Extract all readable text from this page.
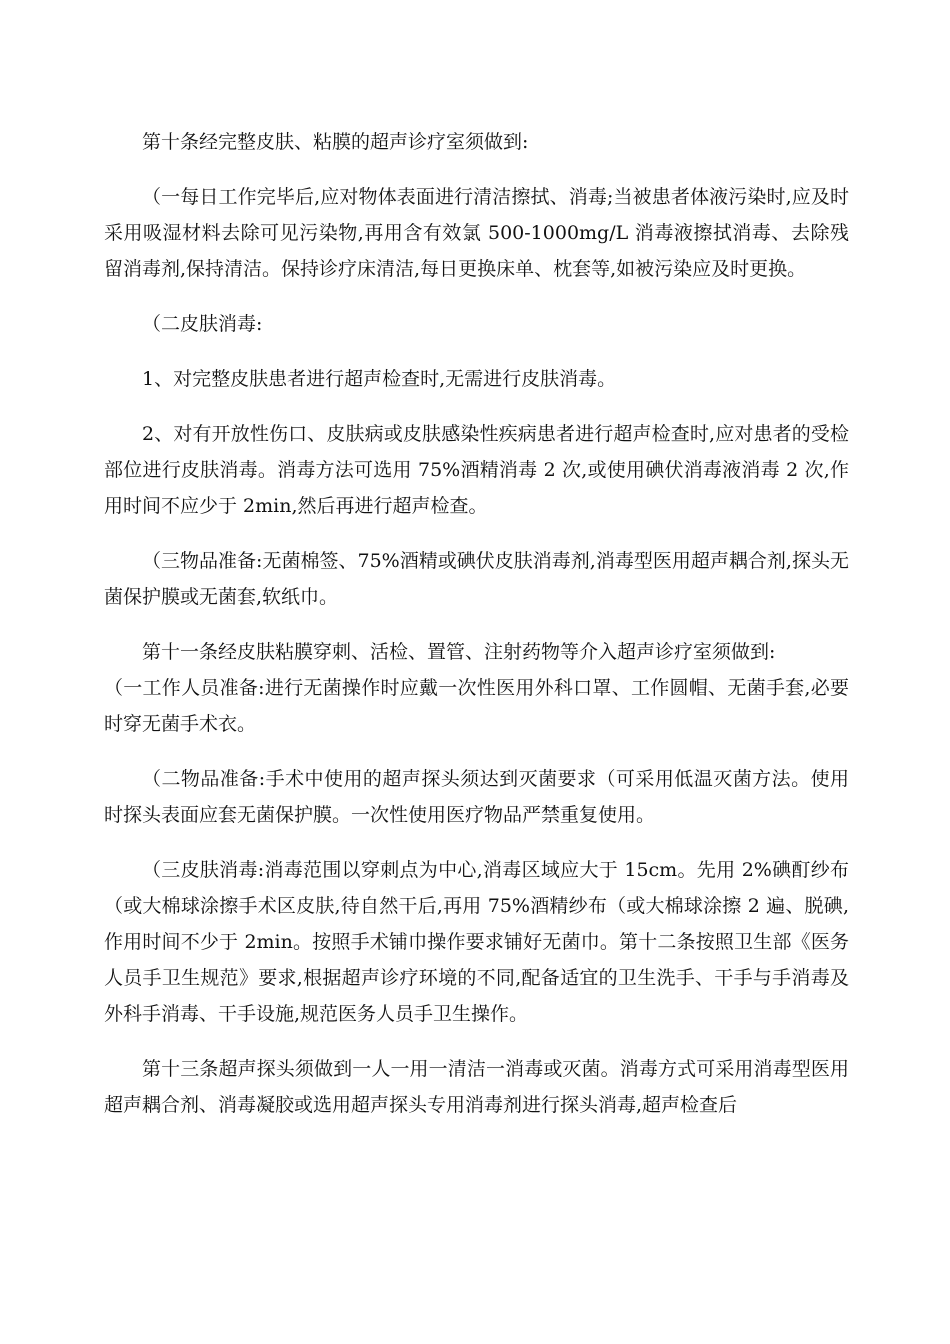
第十条经完整皮肤、粘膜的超声诊疗室须做到:

（一每日工作完毕后,应对物体表面进行清洁擦拭、消毒;当被患者体液污染时,应及时采用吸湿材料去除可见污染物,再用含有效氯 500-1000mg/L 消毒液擦拭消毒、去除残留消毒剂,保持清洁。保持诊疗床清洁,每日更换床单、枕套等,如被污染应及时更换。

（二皮肤消毒:

1、对完整皮肤患者进行超声检查时,无需进行皮肤消毒。

2、对有开放性伤口、皮肤病或皮肤感染性疾病患者进行超声检查时,应对患者的受检部位进行皮肤消毒。消毒方法可选用 75%酒精消毒 2 次,或使用碘伏消毒液消毒 2 次,作用时间不应少于 2min,然后再进行超声检查。

（三物品准备:无菌棉签、75%酒精或碘伏皮肤消毒剂,消毒型医用超声耦合剂,探头无菌保护膜或无菌套,软纸巾。

第十一条经皮肤粘膜穿刺、活检、置管、注射药物等介入超声诊疗室须做到:

（一工作人员准备:进行无菌操作时应戴一次性医用外科口罩、工作圆帽、无菌手套,必要时穿无菌手术衣。

（二物品准备:手术中使用的超声探头须达到灭菌要求（可采用低温灭菌方法。使用时探头表面应套无菌保护膜。一次性使用医疗物品严禁重复使用。

（三皮肤消毒:消毒范围以穿刺点为中心,消毒区域应大于 15cm。先用 2%碘酊纱布（或大棉球涂擦手术区皮肤,待自然干后,再用 75%酒精纱布（或大棉球涂擦 2 遍、脱碘,作用时间不少于 2min。按照手术铺巾操作要求铺好无菌巾。第十二条按照卫生部《医务人员手卫生规范》要求,根据超声诊疗环境的不同,配备适宜的卫生洗手、干手与手消毒及外科手消毒、干手设施,规范医务人员手卫生操作。

第十三条超声探头须做到一人一用一清洁一消毒或灭菌。消毒方式可采用消毒型医用超声耦合剂、消毒凝胶或选用超声探头专用消毒剂进行探头消毒,超声检查后
